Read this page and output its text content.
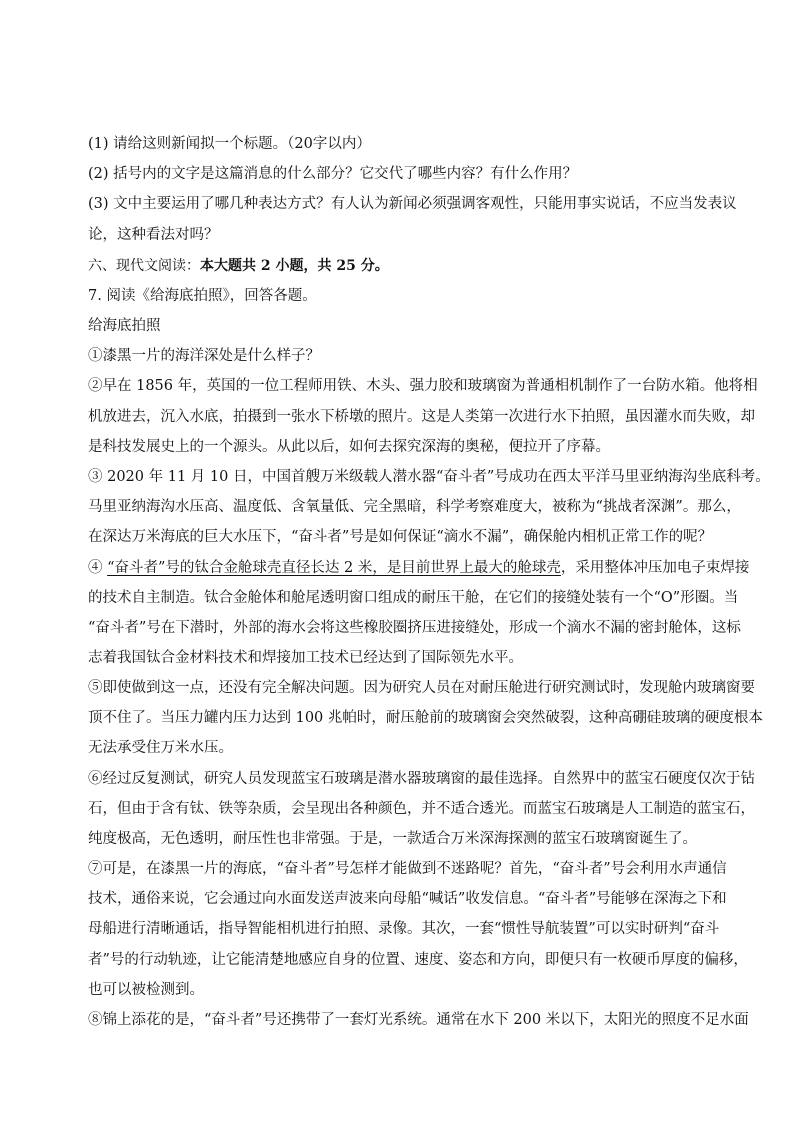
(1) 请给这则新闻拟一个标题。（20字以内）
(2) 括号内的文字是这篇消息的什么部分？它交代了哪些内容？有什么作用？
(3) 文中主要运用了哪几种表达方式？有人认为新闻必须强调客观性，只能用事实说话，不应当发表议
论，这种看法对吗？
六、现代文阅读：本大题共 2 小题，共 25 分。
7. 阅读《给海底拍照》，回答各题。
给海底拍照
①漆黑一片的海洋深处是什么样子？
②早在 1856 年，英国的一位工程师用铁、木头、强力胶和玻璃窗为普通相机制作了一台防水箱。他将相
机放进去，沉入水底，拍摄到一张水下桥墩的照片。这是人类第一次进行水下拍照，虽因灌水而失败，却
是科技发展史上的一个源头。从此以后，如何去探究深海的奥秘，便拉开了序幕。
③ 2020 年 11 月 10 日，中国首艘万米级载人潜水器“奋斗者”号成功在西太平洋马里亚纳海沟坐底科考。
马里亚纳海沟水压高、温度低、含氧量低、完全黑暗，科学考察难度大，被称为“挑战者深渊”。那么，
在深达万米海底的巨大水压下，“奋斗者”号是如何保证“滴水不漏”，确保舱内相机正常工作的呢？
④ “奋斗者”号的钛合金舱球壳直径长达 2 米，是目前世界上最大的舱球壳，采用整体冲压加电子束焊接
的技术自主制造。钛合金舱体和舱尾透明窗口组成的耐压干舱，在它们的接缝处装有一个“O”形圈。当
“奋斗者”号在下潜时，外部的海水会将这些橡胶圈挤压进接缝处，形成一个滴水不漏的密封舱体，这标
志着我国钛合金材料技术和焊接加工技术已经达到了国际领先水平。
⑤即使做到这一点，还没有完全解决问题。因为研究人员在对耐压舱进行研究测试时，发现舱内玻璃窗要
顶不住了。当压力罐内压力达到 100 兆帕时，耐压舱前的玻璃窗会突然破裂，这种高硼硅玻璃的硬度根本
无法承受住万米水压。
⑥经过反复测试，研究人员发现蓝宝石玻璃是潜水器玻璃窗的最佳选择。自然界中的蓝宝石硬度仅次于钻
石，但由于含有钛、铁等杂质，会呈现出各种颜色，并不适合透光。而蓝宝石玻璃是人工制造的蓝宝石，
纯度极高，无色透明，耐压性也非常强。于是，一款适合万米深海探测的蓝宝石玻璃窗诞生了。
⑦可是，在漆黑一片的海底，“奋斗者”号怎样才能做到不迷路呢？首先，“奋斗者”号会利用水声通信
技术，通俗来说，它会通过向水面发送声波来向母船“喊话”收发信息。“奋斗者”号能够在深海之下和
母船进行清晰通话，指导智能相机进行拍照、录像。其次，一套“惯性导航装置”可以实时研判“奋斗
者”号的行动轨迹，让它能清楚地感应自身的位置、速度、姿态和方向，即便只有一枚硬币厚度的偏移，
也可以被检测到。
⑧锦上添花的是，“奋斗者”号还携带了一套灯光系统。通常在水下 200 米以下，太阳光的照度不足水面
